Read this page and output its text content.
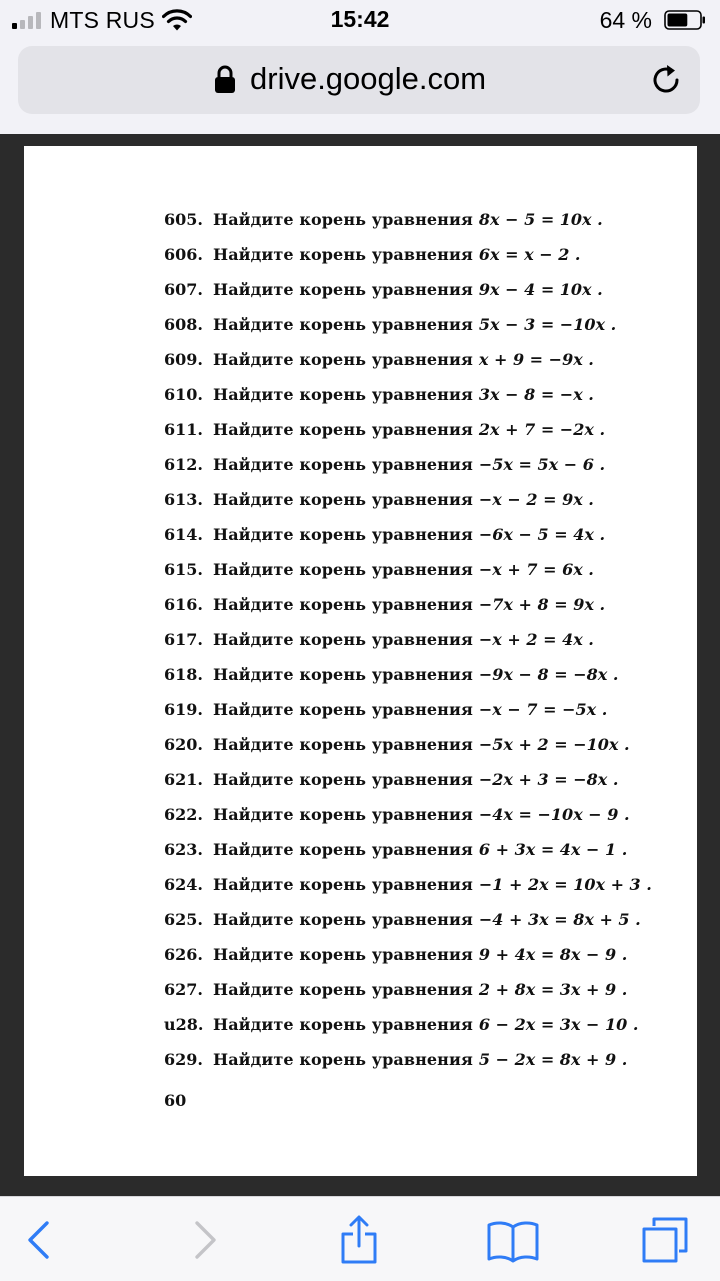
MTS RUS	15:42	64 %
drive.google.com
605. Найдите корень уравнения 8x − 5 = 10x .
606. Найдите корень уравнения 6x = x − 2 .
607. Найдите корень уравнения 9x − 4 = 10x .
608. Найдите корень уравнения 5x − 3 = −10x .
609. Найдите корень уравнения x + 9 = −9x .
610. Найдите корень уравнения 3x − 8 = −x .
611. Найдите корень уравнения 2x + 7 = −2x .
612. Найдите корень уравнения −5x = 5x − 6 .
613. Найдите корень уравнения −x − 2 = 9x .
614. Найдите корень уравнения −6x − 5 = 4x .
615. Найдите корень уравнения −x + 7 = 6x .
616. Найдите корень уравнения −7x + 8 = 9x .
617. Найдите корень уравнения −x + 2 = 4x .
618. Найдите корень уравнения −9x − 8 = −8x .
619. Найдите корень уравнения −x − 7 = −5x .
620. Найдите корень уравнения −5x + 2 = −10x .
621. Найдите корень уравнения −2x + 3 = −8x .
622. Найдите корень уравнения −4x = −10x − 9 .
623. Найдите корень уравнения 6 + 3x = 4x − 1 .
624. Найдите корень уравнения −1 + 2x = 10x + 3 .
625. Найдите корень уравнения −4 + 3x = 8x + 5 .
626. Найдите корень уравнения 9 + 4x = 8x − 9 .
627. Найдите корень уравнения 2 + 8x = 3x + 9 .
ս28. Найдите корень уравнения 6 − 2x = 3x − 10 .
629. Найдите корень уравнения 5 − 2x = 8x + 9 .
60
